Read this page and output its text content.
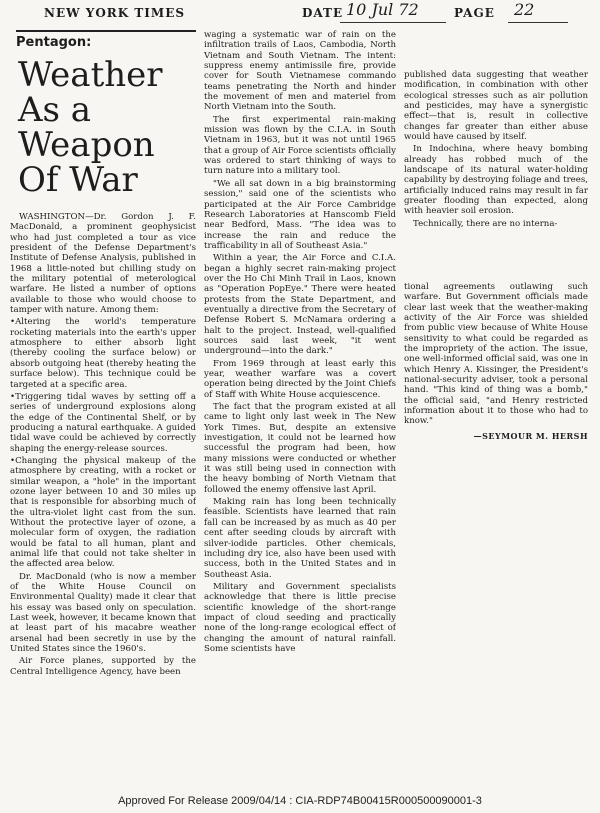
NEW YORK TIMES	DATE 10 Jul 72	PAGE 22
Pentagon:
Weather
As a
Weapon
Of War

WASHINGTON—Dr. Gordon J. F. MacDonald, a prominent geophysicist who had just completed a tour as vice president of the Defense Department's Institute of Defense Analysis, published in 1968 a little-noted but chilling study on the military potential of meterological warfare. He listed a number of options available to those who would choose to tamper with nature. Among them:

• Altering the world's temperature rocketing materials into the earth's upper atmosphere to either absorb light (thereby cooling the surface below) or absorb outgoing heat (thereby heating the surface below). This technique could be targeted at a specific area.

• Triggering tidal waves by setting off a series of underground explosions along the edge of the Continental Shelf, or by producing a natural earthquake. A guided tidal wave could be achieved by correctly shaping the energy-release sources.

• Changing the physical makeup of the atmosphere by creating, with a rocket or similar weapon, a "hole" in the important ozone layer between 10 and 30 miles up that is responsible for absorbing much of the ultra-violet light cast from the sun. Without the protective layer of ozone, a molecular form of oxygen, the radiation would be fatal to all human, plant and animal life that could not take shelter in the affected area below.

Dr. MacDonald (who is now a member of the White House Council on Environmental Quality) made it clear that his essay was based only on speculation. Last week, however, it became known that at least part of his macabre weather arsenal had been secretly in use by the United States since the 1960's.

Air Force planes, supported by the Central Intelligence Agency, have been

waging a systematic war of rain on the infiltration trails of Laos, Cambodia, North Vietnam and South Vietnam. The intent: suppress enemy antimissile fire, provide cover for South Vietnamese commando teams penetrating the North and hinder the movement of men and materiel from North Vietnam into the South.

The first experimental rain-making mission was flown by the C.I.A. in South Vietnam in 1963, but it was not until 1965 that a group of Air Force scientists officially was ordered to start thinking of ways to turn nature into a military tool.

"We all sat down in a big brainstorming session," said one of the scientists who participated at the Air Force Cambridge Research Laboratories at Hanscomb Field near Bedford, Mass. "The idea was to increase the rain and reduce the trafficability in all of Southeast Asia."

Within a year, the Air Force and C.I.A. began a highly secret rain-making project over the Ho Chi Minh Trail in Laos, known as "Operation PopEye." There were heated protests from the State Department, and eventually a directive from the Secretary of Defense Robert S. McNamara ordering a halt to the project. Instead, well-qualified sources said last week, "it went underground—into the dark."

From 1969 through at least early this year, weather warfare was a covert operation being directed by the Joint Chiefs of Staff with White House acquiescence.

The fact that the program existed at all came to light only last week in The New York Times. But, despite an extensive investigation, it could not be learned how successful the program had been, how many missions were conducted or whether it was still being used in connection with the heavy bombing of North Vietnam that followed the enemy offensive last April.

Making rain has long been technically feasible. Scientists have learned that rain fall can be increased by as much as 40 per cent after seeding clouds by aircraft with silver-iodide particles. Other chemicals, including dry ice, also have been used with success, both in the United States and in Southeast Asia.

Military and Government specialists acknowledge that there is little precise scientific knowledge of the short-range impact of cloud seeding and practically none of the long-range ecological effect of changing the amount of natural rainfall. Some scientists have

published data suggesting that weather modification, in combination with other ecological stresses such as air pollution and pesticides, may have a synergistic effect—that is, result in collective changes far greater than either abuse would have caused by itself.

In Indochina, where heavy bombing already has robbed much of the landscape of its natural water-holding capability by destroying foliage and trees, artificially induced rains may result in far greater flooding than expected, along with heavier soil erosion.

Technically, there are no interna-

tional agreements outlawing such warfare. But Government officials made clear last week that the weather-making activity of the Air Force was shielded from public view because of White House sensitivity to what could be regarded as the impropriety of the action. The issue, one well-informed official said, was one in which Henry A. Kissinger, the President's national-security adviser, took a personal hand. "This kind of thing was a bomb," the official said, "and Henry restricted information about it to those who had to know."

—SEYMOUR M. HERSH

Approved For Release 2009/04/14 : CIA-RDP74B00415R000500090001-3
